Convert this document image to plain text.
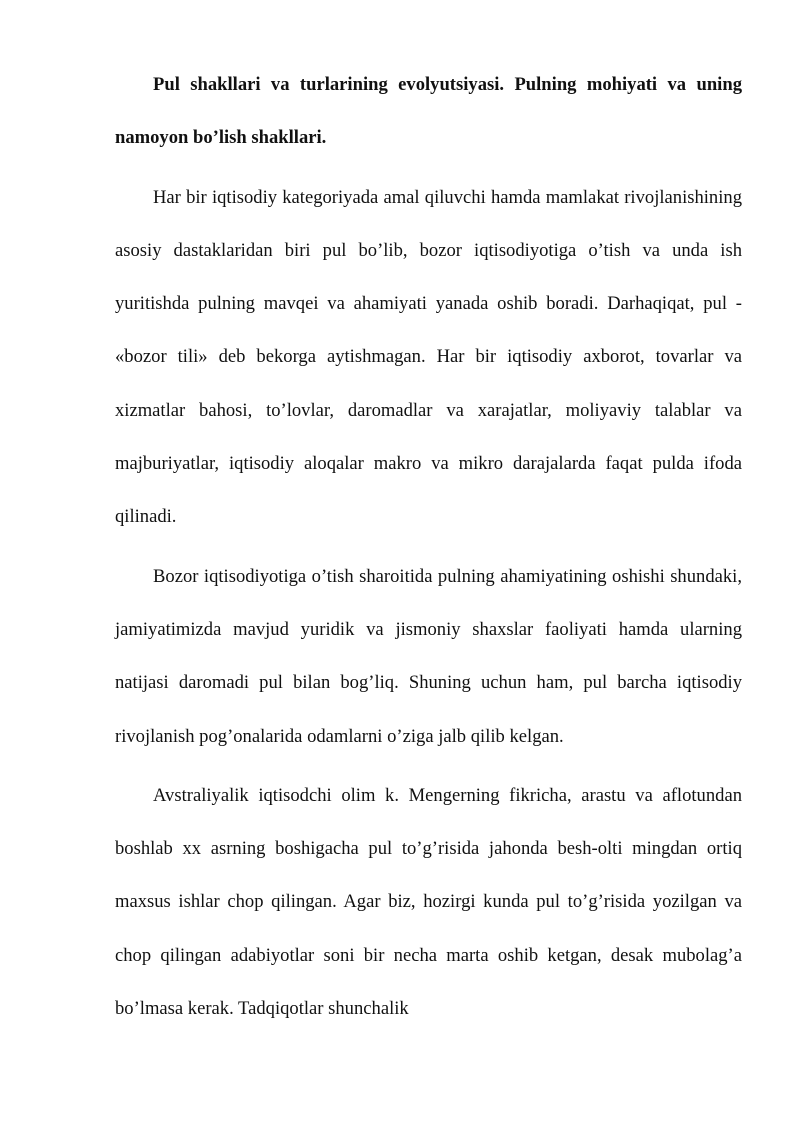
Pul shakllari va turlarining evolyutsiyasi. Pulning mohiyati va uning namoyon bo’lish shakllari.

Har bir iqtisodiy kategoriyada amal qiluvchi hamda mamlakat rivojlanishining asosiy dastaklaridan biri pul bo’lib, bozor iqtisodiyotiga o’tish va unda ish yuritishda pulning mavqei va ahamiyati yanada oshib boradi. Darhaqiqat, pul - «bozor tili» deb bekorga aytishmagan. Har bir iqtisodiy axborot, tovarlar va xizmatlar bahosi, to’lovlar, daromadlar va xarajatlar, moliyaviy talablar va majburiyatlar, iqtisodiy aloqalar makro va mikro darajalarda faqat pulda ifoda qilinadi.

Bozor iqtisodiyotiga o’tish sharoitida pulning ahamiyatining oshishi shundaki, jamiyatimizda mavjud yuridik va jismoniy shaxslar faoliyati hamda ularning natijasi daromadi pul bilan bog’liq. Shuning uchun ham, pul barcha iqtisodiy rivojlanish pog’onalarida odamlarni o’ziga jalb qilib kelgan.

Avstraliyalik iqtisodchi olim k. Mengerning fikricha, arastu va aflotundan boshlab xx asrning boshigacha pul to’g’risida jahonda besh-olti mingdan ortiq maxsus ishlar chop qilingan. Agar biz, hozirgi kunda pul to’g’risida yozilgan va chop qilingan adabiyotlar soni bir necha marta oshib ketgan, desak mubolag’a bo’lmasa kerak. Tadqiqotlar shunchalik
